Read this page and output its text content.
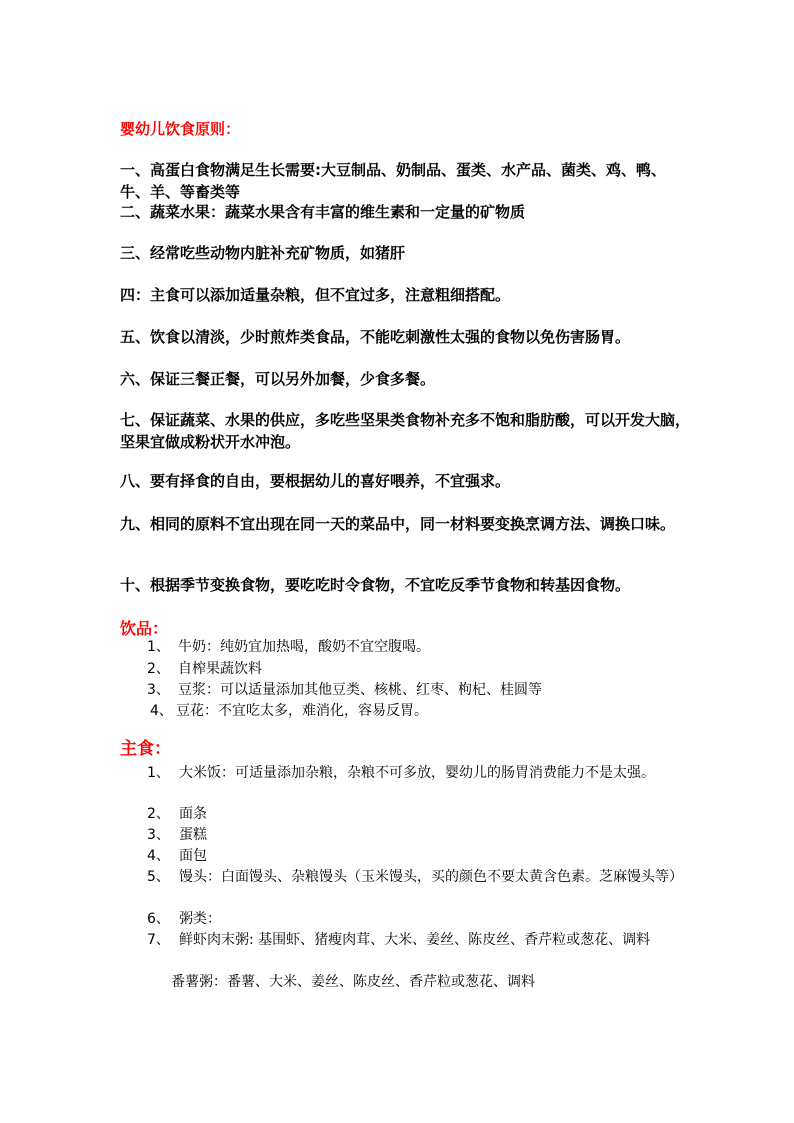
婴幼儿饮食原则：
一、高蛋白食物满足生长需要:大豆制品、奶制品、蛋类、水产品、菌类、鸡、鸭、牛、羊、等畜类等
二、蔬菜水果：蔬菜水果含有丰富的维生素和一定量的矿物质
三、经常吃些动物内脏补充矿物质，如猪肝
四：主食可以添加适量杂粮，但不宜过多，注意粗细搭配。
五、饮食以清淡，少时煎炸类食品，不能吃刺激性太强的食物以免伤害肠胃。
六、保证三餐正餐，可以另外加餐，少食多餐。
七、保证蔬菜、水果的供应，多吃些坚果类食物补充多不饱和脂肪酸，可以开发大脑，坚果宜做成粉状开水冲泡。
八、要有择食的自由，要根据幼儿的喜好喂养，不宜强求。
九、相同的原料不宜出现在同一天的菜品中，同一材料要变换烹调方法、调换口味。
十、根据季节变换食物，要吃吃时令食物，不宜吃反季节食物和转基因食物。
饮品：
1、 牛奶：纯奶宜加热喝，酸奶不宜空腹喝。
2、 自榨果蔬饮料
3、 豆浆：可以适量添加其他豆类、核桃、红枣、枸杞、桂圆等
4、 豆花：不宜吃太多，难消化，容易反胃。
主食：
1、 大米饭：可适量添加杂粮，杂粮不可多放，婴幼儿的肠胃消费能力不是太强。
2、 面条
3、 蛋糕
4、 面包
5、 馒头：白面馒头、杂粮馒头（玉米馒头，买的颜色不要太黄含色素。芝麻馒头等）
6、 粥类：
7、 鲜虾肉末粥: 基围虾、猪瘦肉茸、大米、姜丝、陈皮丝、香芹粒或葱花、调料
番薯粥：番薯、大米、姜丝、陈皮丝、香芹粒或葱花、调料
